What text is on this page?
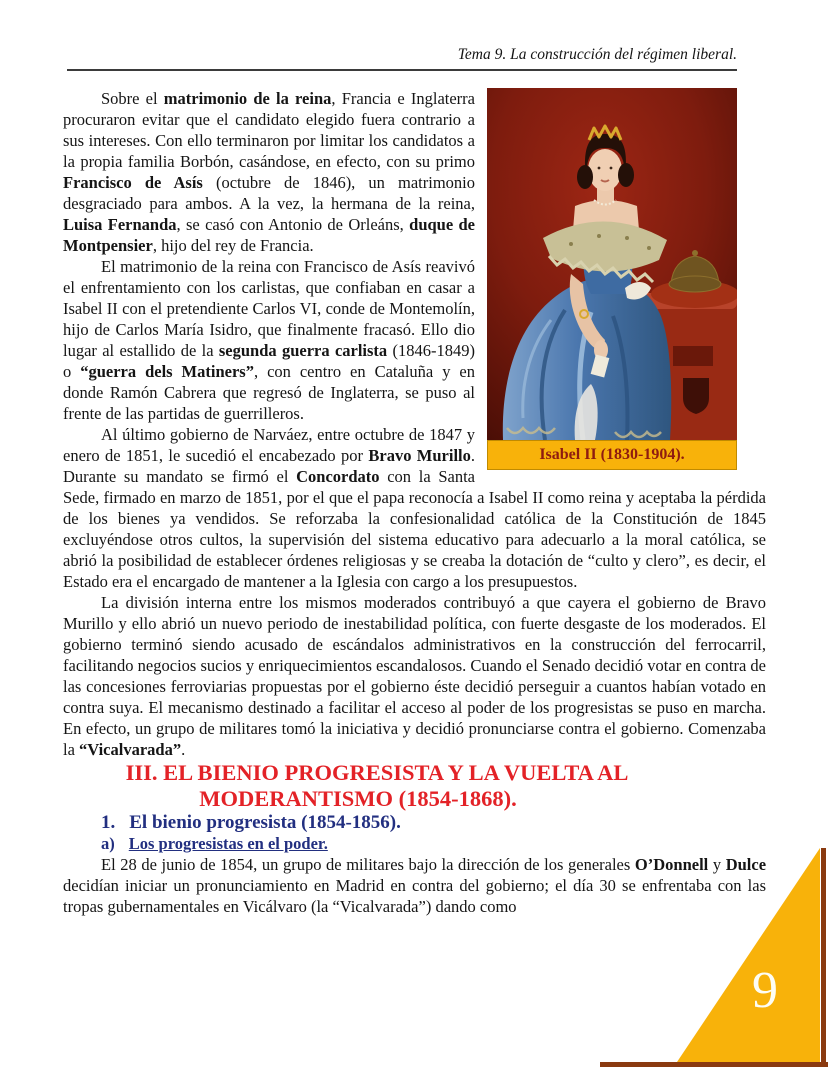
Tema 9. La construcción del régimen liberal.
Isabel II (1830-1904).

Sobre el matrimonio de la reina, Francia e Inglaterra procuraron evitar que el candidato elegido fuera contrario a sus intereses. Con ello terminaron por limitar los candidatos a la propia familia Borbón, casándose, en efecto, con su primo Francisco de Asís (octubre de 1846), un matrimonio desgraciado para ambos. A la vez, la hermana de la reina, Luisa Fernanda, se casó con Antonio de Orleáns, duque de Montpensier, hijo del rey de Francia.

El matrimonio de la reina con Francisco de Asís reavivó el enfrentamiento con los carlistas, que confiaban en casar a Isabel II con el pretendiente Carlos VI, conde de Montemolín, hijo de Carlos María Isidro, que finalmente fracasó. Ello dio lugar al estallido de la segunda guerra carlista (1846-1849) o “guerra dels Matiners”, con centro en Cataluña y en donde Ramón Cabrera que regresó de Inglaterra, se puso al frente de las partidas de guerrilleros.

Al último gobierno de Narváez, entre octubre de 1847 y enero de 1851, le sucedió el encabezado por Bravo Murillo. Durante su mandato se firmó el Concordato con la Santa Sede, firmado en marzo de 1851, por el que el papa reconocía a Isabel II como reina y aceptaba la pérdida de los bienes ya vendidos. Se reforzaba la confesionalidad católica de la Constitución de 1845 excluyéndose otros cultos, la supervisión del sistema educativo para adecuarlo a la moral católica, se abrió la posibilidad de establecer órdenes religiosas y se creaba la dotación de “culto y clero”, es decir, el Estado era el encargado de mantener a la Iglesia con cargo a los presupuestos.

La división interna entre los mismos moderados contribuyó a que cayera el gobierno de Bravo Murillo y ello abrió un nuevo periodo de inestabilidad política, con fuerte desgaste de los moderados. El gobierno terminó siendo acusado de escándalos administrativos en la construcción del ferrocarril, facilitando negocios sucios y enriquecimientos escandalosos. Cuando el Senado decidió votar en contra de las concesiones ferroviarias propuestas por el gobierno éste decidió perseguir a cuantos habían votado en contra suya. El mecanismo destinado a facilitar el acceso al poder de los progresistas se puso en marcha. En efecto, un grupo de militares tomó la iniciativa y decidió pronunciarse contra el gobierno. Comenzaba la “Vicalvarada”.

III. EL BIENIO PROGRESISTA Y LA VUELTA AL MODERANTISMO (1854-1868).

1. El bienio progresista (1854-1856).

a) Los progresistas en el poder.

El 28 de junio de 1854, un grupo de militares bajo la dirección de los generales O’Donnell y Dulce decidían iniciar un pronunciamiento en Madrid en contra del gobierno; el día 30 se enfrentaba con las tropas gubernamentales en Vicálvaro (la “Vicalvarada”) dando como

9
